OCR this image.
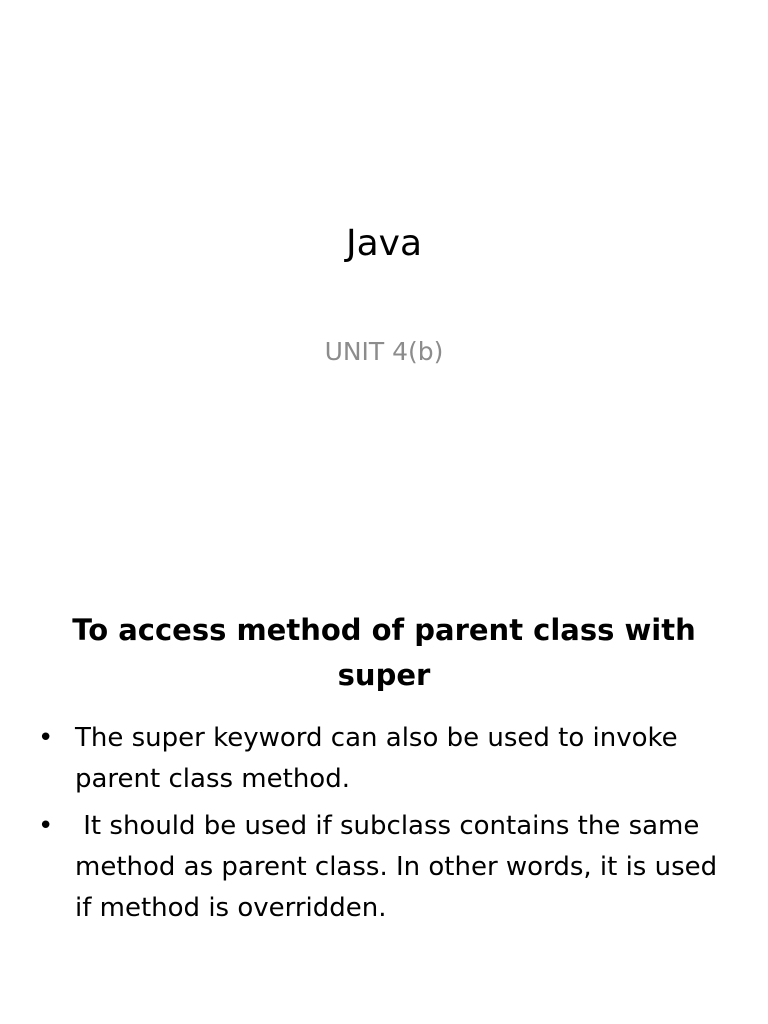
Java
UNIT 4(b)
To access method of parent class with super
• The super keyword can also be used to invoke parent class method.
• It should be used if subclass contains the same method as parent class. In other words, it is used if method is overridden.
